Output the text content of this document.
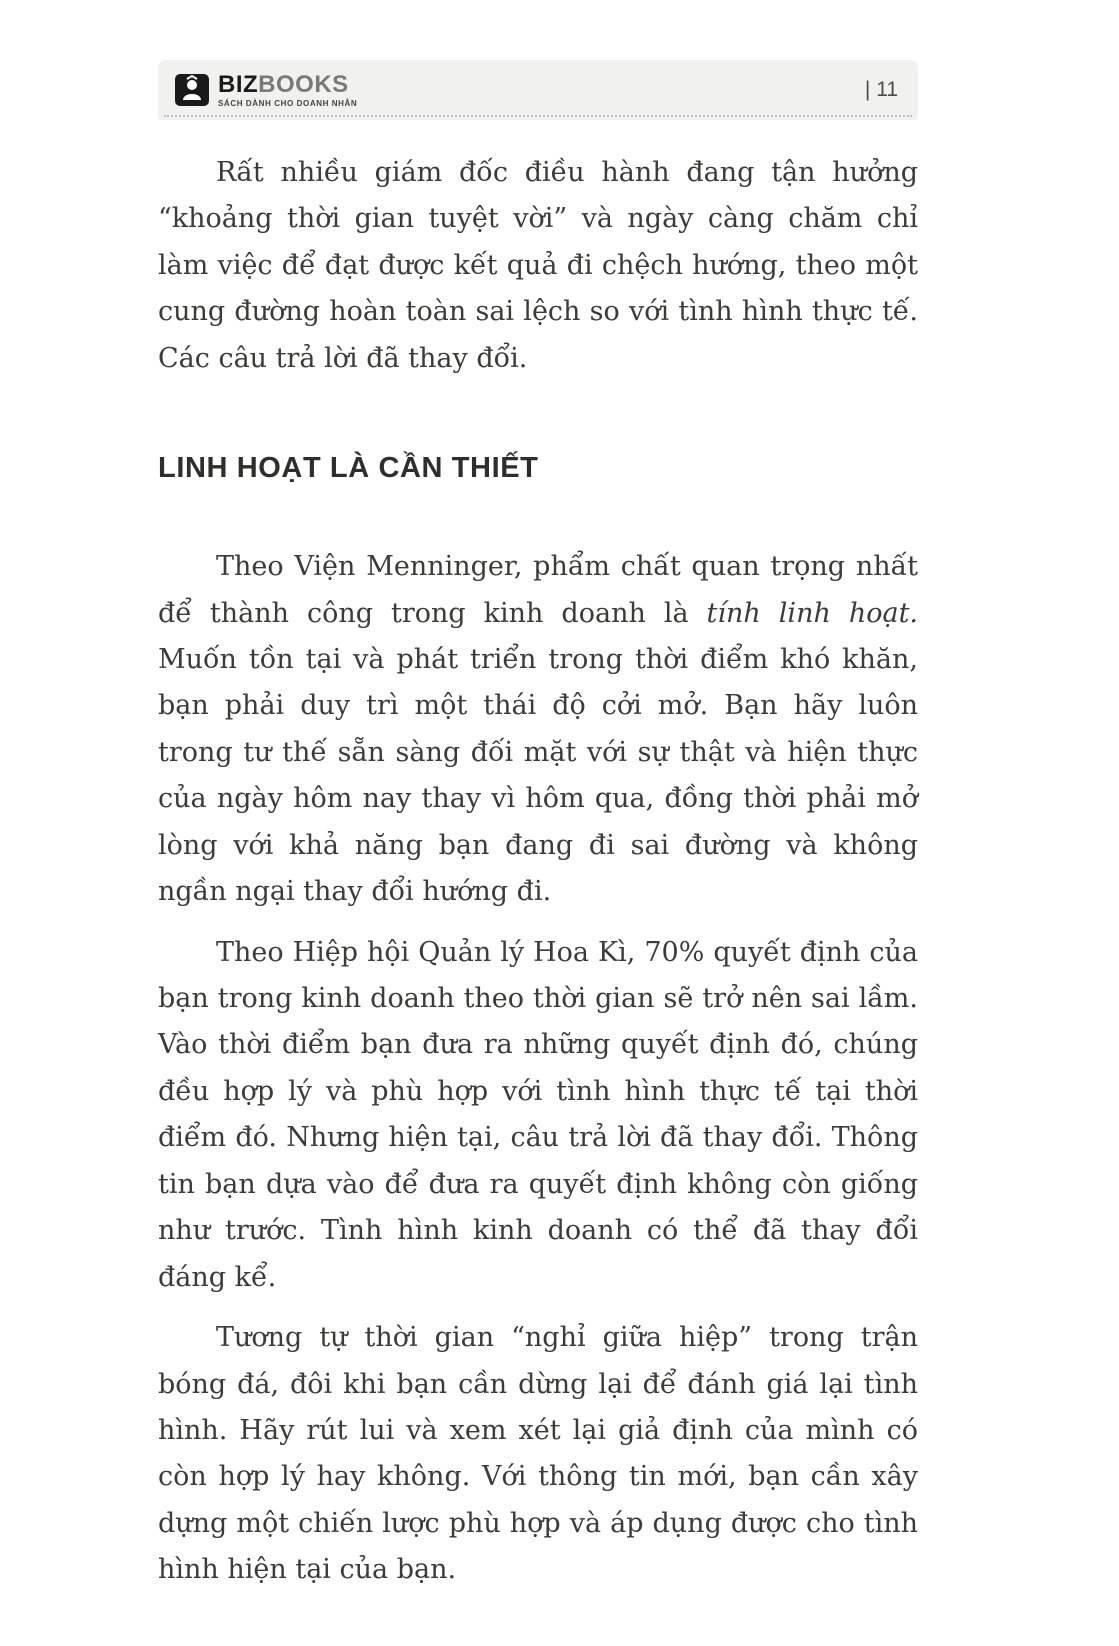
BIZBOOKS
SÁCH DÀNH CHO DOANH NHÂN
| 11

Rất nhiều giám đốc điều hành đang tận hưởng “khoảng thời gian tuyệt vời” và ngày càng chăm chỉ làm việc để đạt được kết quả đi chệch hướng, theo một cung đường hoàn toàn sai lệch so với tình hình thực tế. Các câu trả lời đã thay đổi.

LINH HOẠT LÀ CẦN THIẾT

Theo Viện Menninger, phẩm chất quan trọng nhất để thành công trong kinh doanh là tính linh hoạt. Muốn tồn tại và phát triển trong thời điểm khó khăn, bạn phải duy trì một thái độ cởi mở. Bạn hãy luôn trong tư thế sẵn sàng đối mặt với sự thật và hiện thực của ngày hôm nay thay vì hôm qua, đồng thời phải mở lòng với khả năng bạn đang đi sai đường và không ngần ngại thay đổi hướng đi.

Theo Hiệp hội Quản lý Hoa Kì, 70% quyết định của bạn trong kinh doanh theo thời gian sẽ trở nên sai lầm. Vào thời điểm bạn đưa ra những quyết định đó, chúng đều hợp lý và phù hợp với tình hình thực tế tại thời điểm đó. Nhưng hiện tại, câu trả lời đã thay đổi. Thông tin bạn dựa vào để đưa ra quyết định không còn giống như trước. Tình hình kinh doanh có thể đã thay đổi đáng kể.

Tương tự thời gian “nghỉ giữa hiệp” trong trận bóng đá, đôi khi bạn cần dừng lại để đánh giá lại tình hình. Hãy rút lui và xem xét lại giả định của mình có còn hợp lý hay không. Với thông tin mới, bạn cần xây dựng một chiến lược phù hợp và áp dụng được cho tình hình hiện tại của bạn.
